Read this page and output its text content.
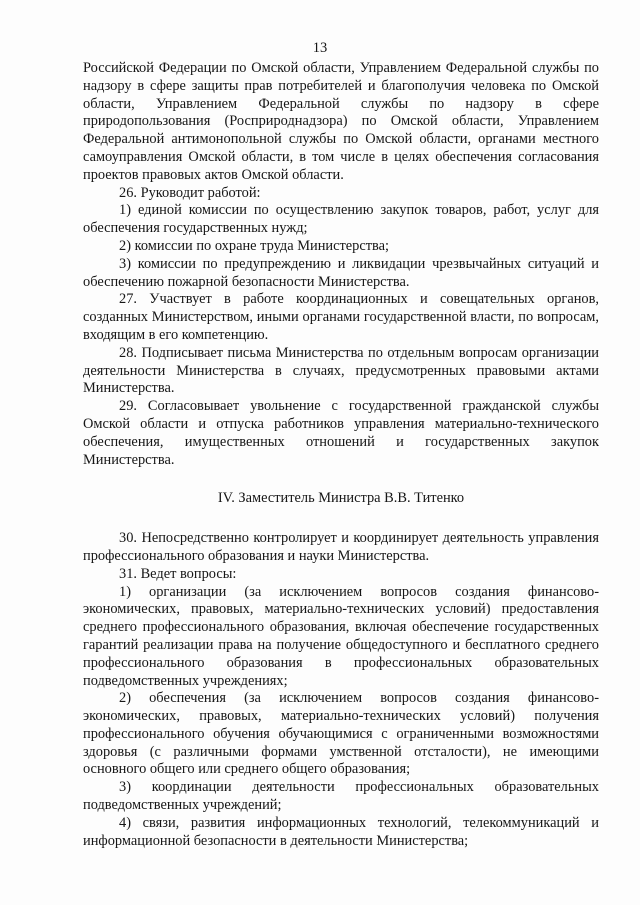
13

Российской Федерации по Омской области, Управлением Федеральной службы по надзору в сфере защиты прав потребителей и благополучия человека по Омской области, Управлением Федеральной службы по надзору в сфере природопользования (Росприроднадзора) по Омской области, Управлением Федеральной антимонопольной службы по Омской области, органами местного самоуправления Омской области, в том числе в целях обеспечения согласования проектов правовых актов Омской области.

26. Руководит работой:

1) единой комиссии по осуществлению закупок товаров, работ, услуг для обеспечения государственных нужд;

2) комиссии по охране труда Министерства;

3) комиссии по предупреждению и ликвидации чрезвычайных ситуаций и обеспечению пожарной безопасности Министерства.

27. Участвует в работе координационных и совещательных органов, созданных Министерством, иными органами государственной власти, по вопросам, входящим в его компетенцию.

28. Подписывает письма Министерства по отдельным вопросам организации деятельности Министерства в случаях, предусмотренных правовыми актами Министерства.

29. Согласовывает увольнение с государственной гражданской службы Омской области и отпуска работников управления материально-технического обеспечения, имущественных отношений и государственных закупок Министерства.

IV. Заместитель Министра В.В. Титенко

30. Непосредственно контролирует и координирует деятельность управления профессионального образования и науки Министерства.

31. Ведет вопросы:

1) организации (за исключением вопросов создания финансово-экономических, правовых, материально-технических условий) предоставления среднего профессионального образования, включая обеспечение государственных гарантий реализации права на получение общедоступного и бесплатного среднего профессионального образования в профессиональных образовательных подведомственных учреждениях;

2) обеспечения (за исключением вопросов создания финансово-экономических, правовых, материально-технических условий) получения профессионального обучения обучающимися с ограниченными возможностями здоровья (с различными формами умственной отсталости), не имеющими основного общего или среднего общего образования;

3) координации деятельности профессиональных образовательных подведомственных учреждений;

4) связи, развития информационных технологий, телекоммуникаций и информационной безопасности в деятельности Министерства;
